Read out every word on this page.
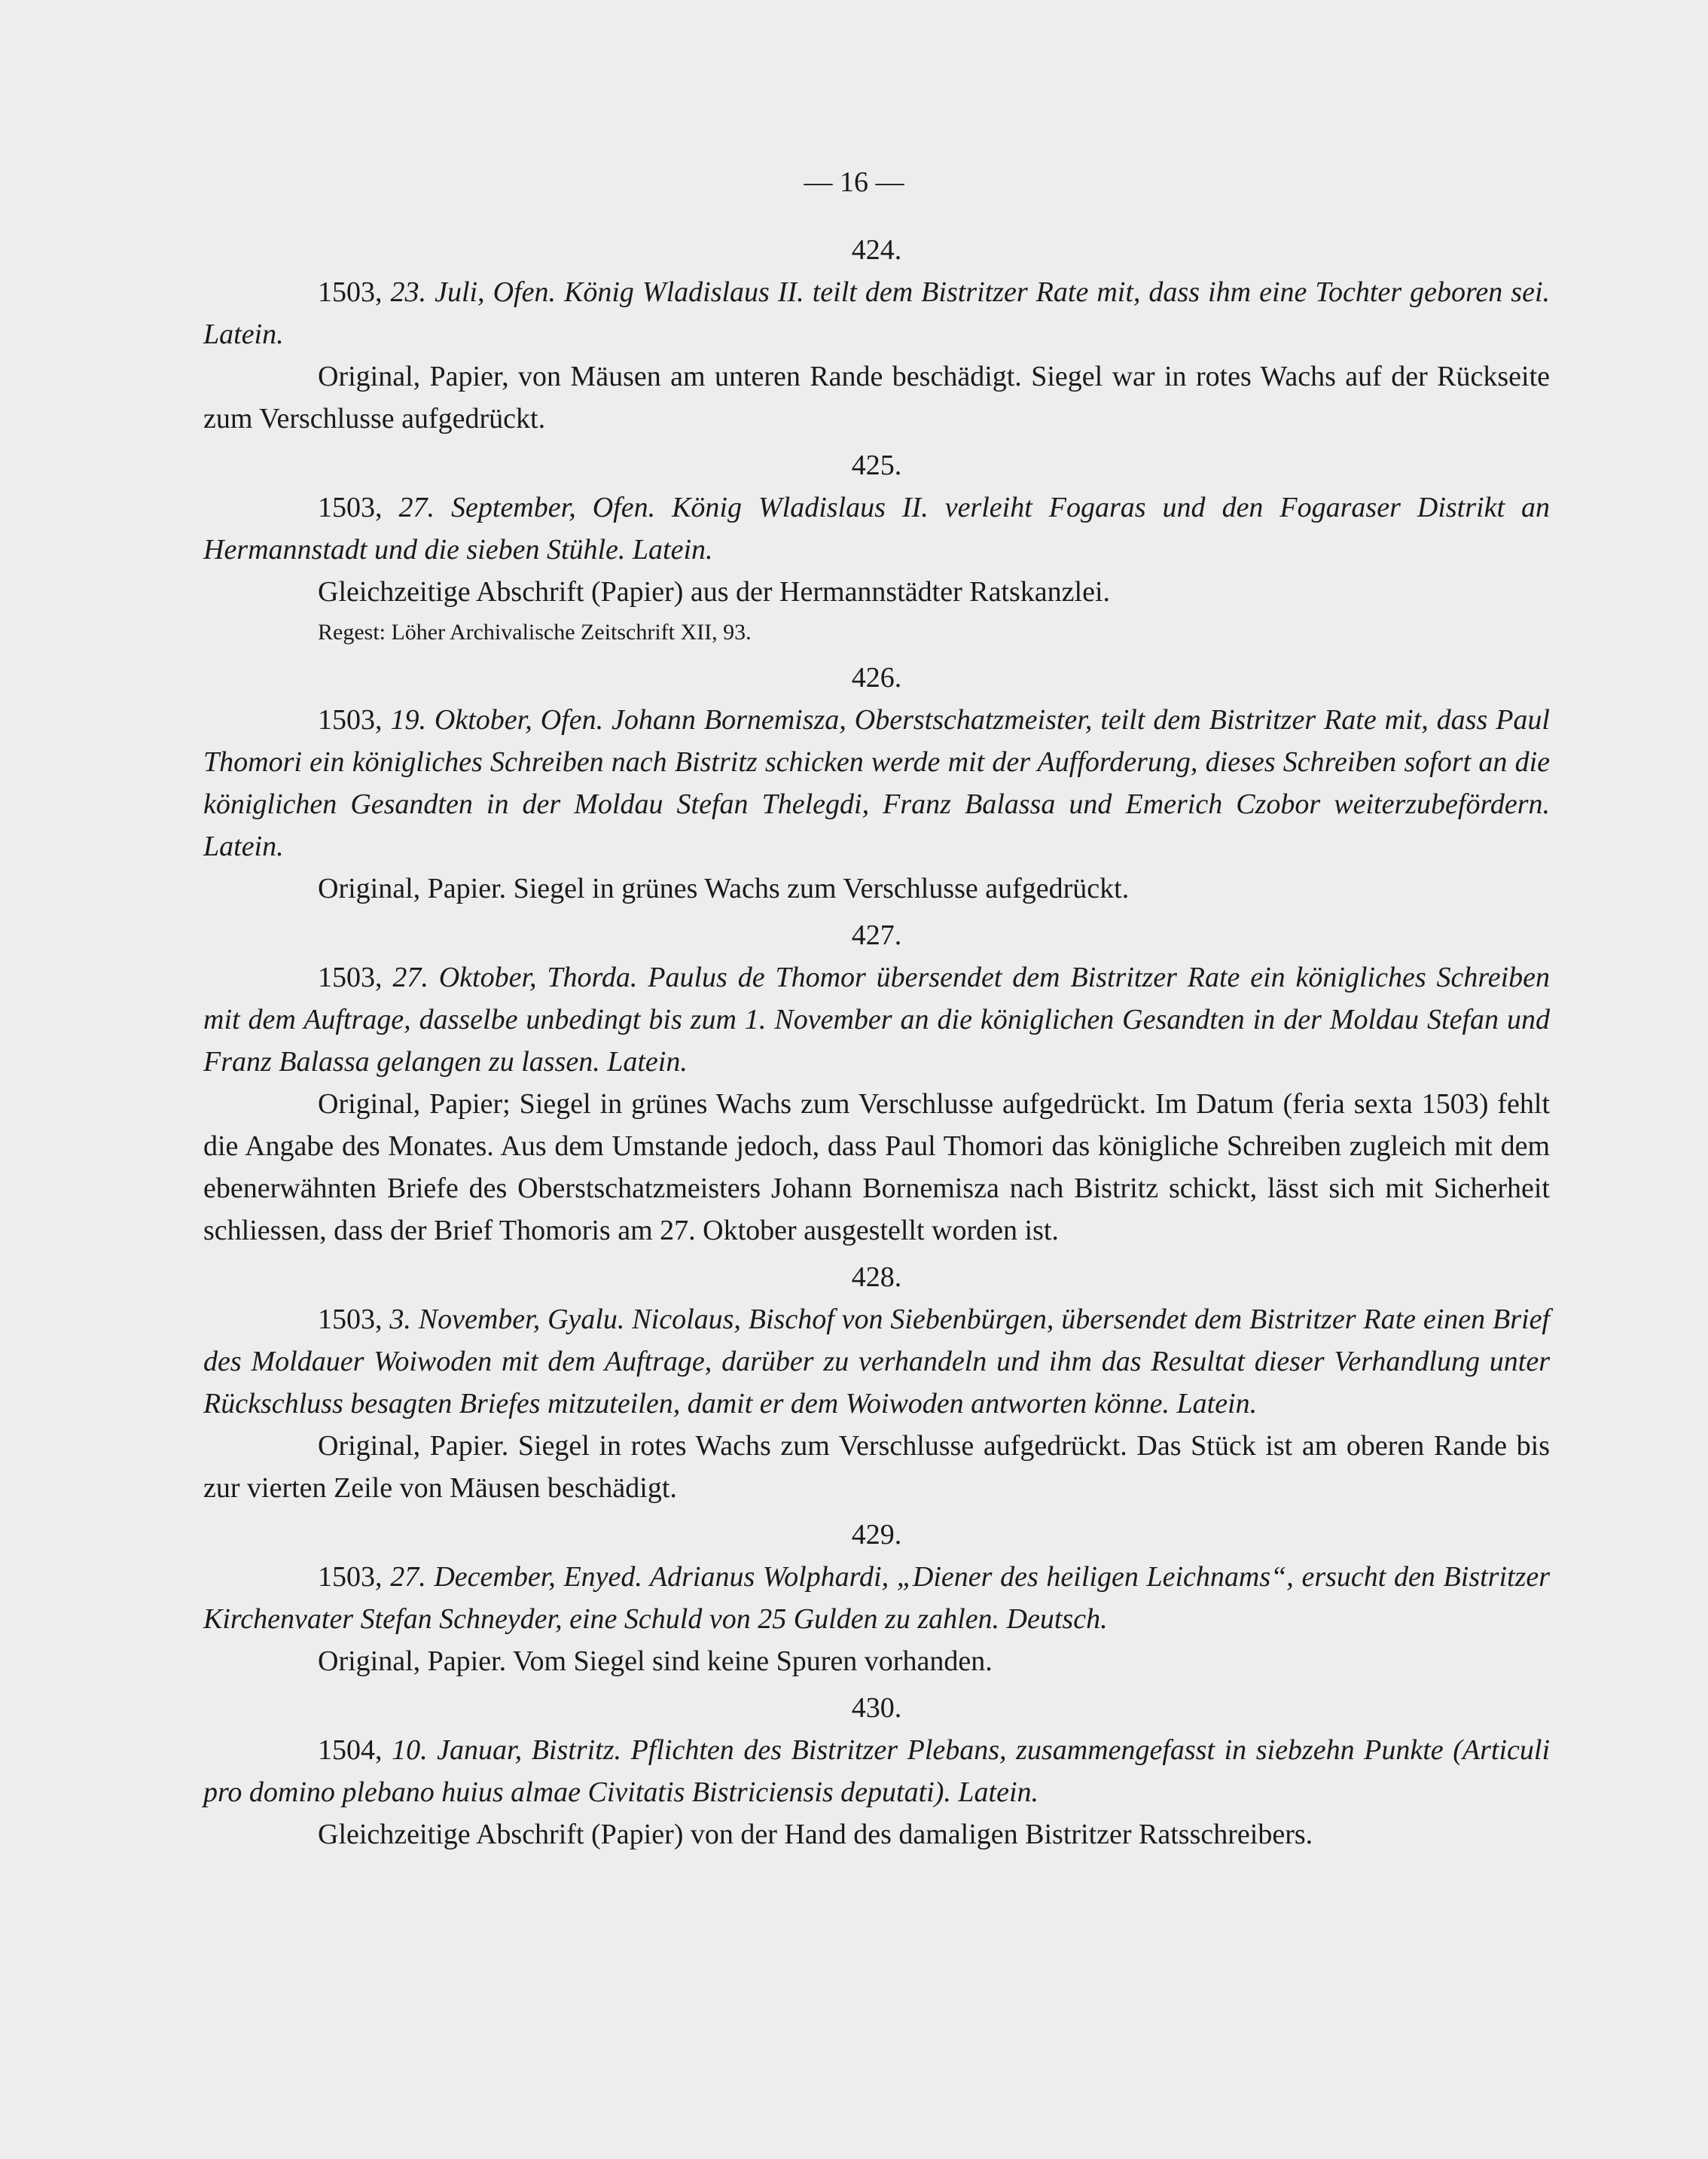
— 16 —
424.

1503, 23. Juli, Ofen. König Wladislaus II. teilt dem Bistritzer Rate mit, dass ihm eine Tochter geboren sei. Latein.

Original, Papier, von Mäusen am unteren Rande beschädigt. Siegel war in rotes Wachs auf der Rückseite zum Verschlusse aufgedrückt.

425.

1503, 27. September, Ofen. König Wladislaus II. verleiht Fogaras und den Fogaraser Distrikt an Hermannstadt und die sieben Stühle. Latein.

Gleichzeitige Abschrift (Papier) aus der Hermannstädter Ratskanzlei.

Regest: Löher Archivalische Zeitschrift XII, 93.

426.

1503, 19. Oktober, Ofen. Johann Bornemisza, Oberstschatzmeister, teilt dem Bistritzer Rate mit, dass Paul Thomori ein königliches Schreiben nach Bistritz schicken werde mit der Aufforderung, dieses Schreiben sofort an die königlichen Gesandten in der Moldau Stefan Thelegdi, Franz Balassa und Emerich Czobor weiterzubefördern. Latein.

Original, Papier. Siegel in grünes Wachs zum Verschlusse aufgedrückt.

427.

1503, 27. Oktober, Thorda. Paulus de Thomor übersendet dem Bistritzer Rate ein königliches Schreiben mit dem Auftrage, dasselbe unbedingt bis zum 1. November an die königlichen Gesandten in der Moldau Stefan und Franz Balassa gelangen zu lassen. Latein.

Original, Papier; Siegel in grünes Wachs zum Verschlusse aufgedrückt. Im Datum (feria sexta 1503) fehlt die Angabe des Monates. Aus dem Umstande jedoch, dass Paul Thomori das königliche Schreiben zugleich mit dem ebenerwähnten Briefe des Oberstschatzmeisters Johann Bornemisza nach Bistritz schickt, lässt sich mit Sicherheit schliessen, dass der Brief Thomoris am 27. Oktober ausgestellt worden ist.

428.

1503, 3. November, Gyalu. Nicolaus, Bischof von Siebenbürgen, übersendet dem Bistritzer Rate einen Brief des Moldauer Woiwoden mit dem Auftrage, darüber zu verhandeln und ihm das Resultat dieser Verhandlung unter Rückschluss besagten Briefes mitzuteilen, damit er dem Woiwoden antworten könne. Latein.

Original, Papier. Siegel in rotes Wachs zum Verschlusse aufgedrückt. Das Stück ist am oberen Rande bis zur vierten Zeile von Mäusen beschädigt.

429.

1503, 27. December, Enyed. Adrianus Wolphardi, „Diener des heiligen Leichnams“, ersucht den Bistritzer Kirchenvater Stefan Schneyder, eine Schuld von 25 Gulden zu zahlen. Deutsch.

Original, Papier. Vom Siegel sind keine Spuren vorhanden.

430.

1504, 10. Januar, Bistritz. Pflichten des Bistritzer Plebans, zusammengefasst in siebzehn Punkte (Articuli pro domino plebano huius almae Civitatis Bistriciensis deputati). Latein.

Gleichzeitige Abschrift (Papier) von der Hand des damaligen Bistritzer Ratsschreibers.
